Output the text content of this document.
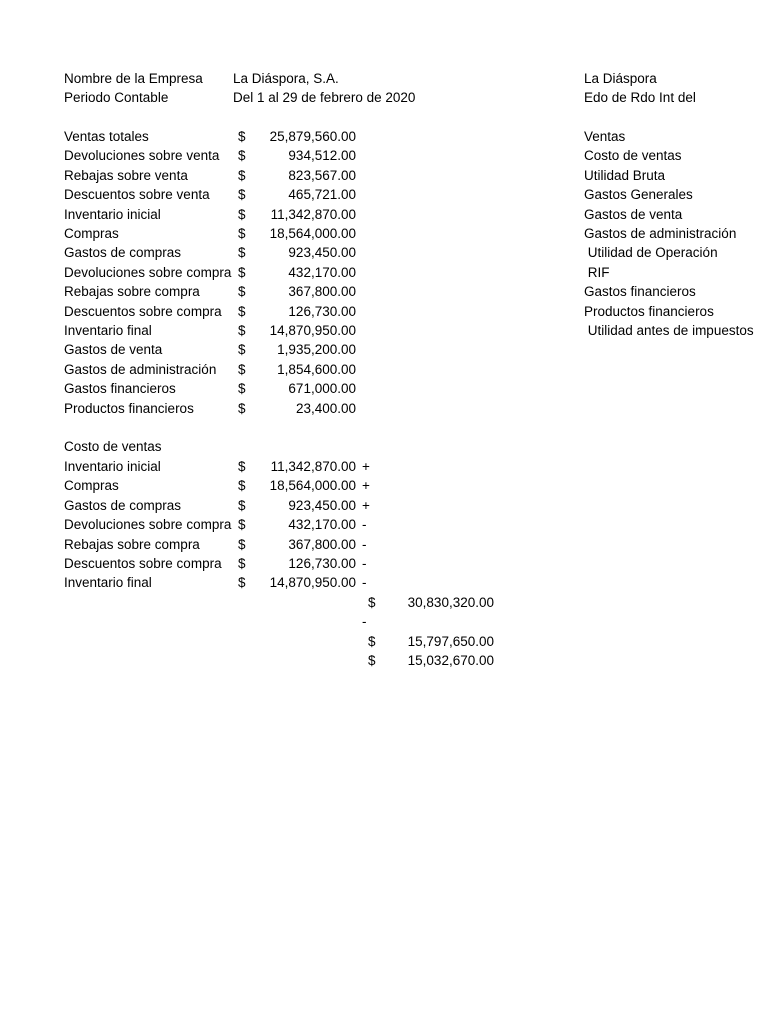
Nombre de la Empresa	La Diáspora, S.A.	La Diáspora
Periodo Contable	Del 1 al 29 de febrero de 2020	Edo de Rdo Int del
Ventas totales	$	25,879,560.00
Devoluciones sobre venta	$	934,512.00
Rebajas sobre venta	$	823,567.00
Descuentos sobre venta	$	465,721.00
Inventario inicial	$	11,342,870.00
Compras	$	18,564,000.00
Gastos de compras	$	923,450.00
Devoluciones sobre compra $	432,170.00
Rebajas sobre compra	$	367,800.00
Descuentos sobre compra	$	126,730.00
Inventario final	$	14,870,950.00
Gastos de venta	$	1,935,200.00
Gastos de administración	$	1,854,600.00
Gastos financieros	$	671,000.00
Productos financieros	$	23,400.00
Ventas
Costo de ventas
Utilidad Bruta
Gastos Generales
Gastos de venta
Gastos de administración
Utilidad de Operación
RIF
Gastos financieros
Productos financieros
Utilidad antes de impuestos
Costo de ventas
Inventario inicial	$	11,342,870.00 +
Compras	$	18,564,000.00 +
Gastos de compras	$	923,450.00 +
Devoluciones sobre compra $	432,170.00 -
Rebajas sobre compra	$	367,800.00 -
Descuentos sobre compra	$	126,730.00 -
Inventario final	$	14,870,950.00 -
$	30,830,320.00
-
$	15,797,650.00
$	15,032,670.00
